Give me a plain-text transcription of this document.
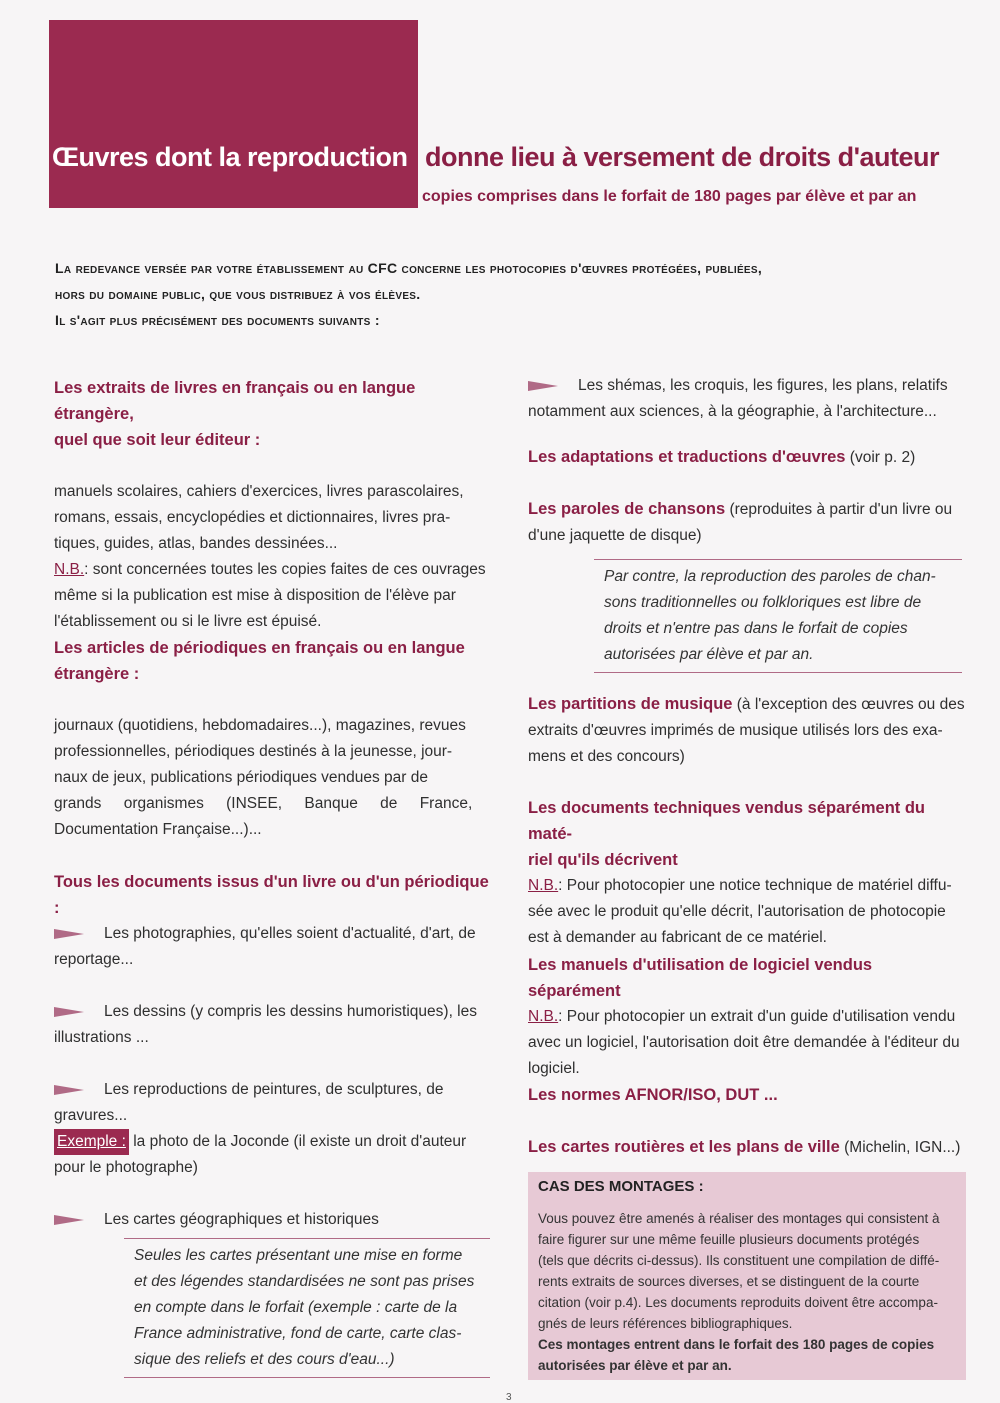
Œuvres dont la reproduction donne lieu à versement de droits d'auteur
copies comprises dans le forfait de 180 pages par élève et par an
La redevance versée par votre établissement au CFC concerne les photocopies d'œuvres protégées, publiées,
hors du domaine public, que vous distribuez à vos élèves.
Il s'agit plus précisément des documents suivants :
Les extraits de livres en français ou en langue étrangère,
quel que soit leur éditeur :
manuels scolaires, cahiers d'exercices, livres parascolaires,
romans, essais, encyclopédies et dictionnaires, livres pra-
tiques, guides, atlas, bandes dessinées...
N.B.: sont concernées toutes les copies faites de ces ouvrages
même si la publication est mise à disposition de l'élève par
l'établissement ou si le livre est épuisé.
Les articles de périodiques en français ou en langue
étrangère :
journaux (quotidiens, hebdomadaires...), magazines, revues
professionnelles, périodiques destinés à la jeunesse, jour-
naux de jeux, publications périodiques vendues par de
grands organismes (INSEE, Banque de France,
Documentation Française...)...
Tous les documents issus d'un livre ou d'un périodique :
Les photographies, qu'elles soient d'actualité, d'art, de
reportage...
Les dessins (y compris les dessins humoristiques), les
illustrations ...
Les reproductions de peintures, de sculptures, de
gravures...
Exemple : la photo de la Joconde (il existe un droit d'auteur
pour le photographe)
Les cartes géographiques et historiques
Seules les cartes présentant une mise en forme
et des légendes standardisées ne sont pas prises
en compte dans le forfait (exemple : carte de la
France administrative, fond de carte, carte clas-
sique des reliefs et des cours d'eau...)
Les shémas, les croquis, les figures, les plans, relatifs
notamment aux sciences, à la géographie, à l'architecture...
Les adaptations et traductions d'œuvres (voir p. 2)
Les paroles de chansons (reproduites à partir d'un livre ou
d'une jaquette de disque)
Par contre, la reproduction des paroles de chan-
sons traditionnelles ou folkloriques est libre de
droits et n'entre pas dans le forfait de copies
autorisées par élève et par an.
Les partitions de musique (à l'exception des œuvres ou des
extraits d'œuvres imprimés de musique utilisés lors des exa-
mens et des concours)
Les documents techniques vendus séparément du maté-
riel qu'ils décrivent
N.B.: Pour photocopier une notice technique de matériel diffu-
sée avec le produit qu'elle décrit, l'autorisation de photocopie
est à demander au fabricant de ce matériel.
Les manuels d'utilisation de logiciel vendus séparément
N.B.: Pour photocopier un extrait d'un guide d'utilisation vendu
avec un logiciel, l'autorisation doit être demandée à l'éditeur du
logiciel.
Les normes AFNOR/ISO, DUT ...
Les cartes routières et les plans de ville (Michelin, IGN...)
CAS DES MONTAGES :
Vous pouvez être amenés à réaliser des montages qui consistent à
faire figurer sur une même feuille plusieurs documents protégés
(tels que décrits ci-dessus). Ils constituent une compilation de diffé-
rents extraits de sources diverses, et se distinguent de la courte
citation (voir p.4). Les documents reproduits doivent être accompa-
gnés de leurs références bibliographiques.
Ces montages entrent dans le forfait des 180 pages de copies
autorisées par élève et par an.
3
